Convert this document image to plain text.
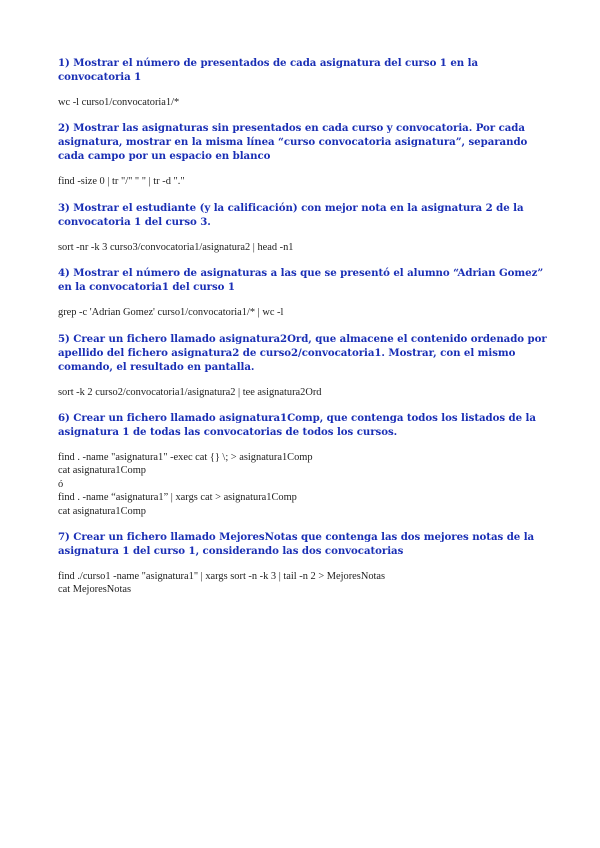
1) Mostrar el número de presentados de cada asignatura del curso 1 en la convocatoria 1

wc -l curso1/convocatoria1/*

2) Mostrar las asignaturas sin presentados en cada curso y convocatoria. Por cada asignatura, mostrar en la misma línea “curso convocatoria asignatura”, separando cada campo por un espacio en blanco

find -size 0 | tr "/" " " | tr -d "."

3) Mostrar el estudiante (y la calificación) con mejor nota en la asignatura 2 de la convocatoria 1 del curso 3.

sort -nr -k 3 curso3/convocatoria1/asignatura2 | head -n1

4) Mostrar el número de asignaturas a las que se presentó el alumno “Adrian Gomez” en la convocatoria1 del curso 1

grep -c 'Adrian Gomez' curso1/convocatoria1/* | wc -l

5) Crear un fichero llamado asignatura2Ord, que almacene el contenido ordenado por apellido del fichero asignatura2 de curso2/convocatoria1. Mostrar, con el mismo comando, el resultado en pantalla.

sort -k 2 curso2/convocatoria1/asignatura2 | tee asignatura2Ord

6) Crear un fichero llamado asignatura1Comp, que contenga todos los listados de la asignatura 1 de todas las convocatorias de todos los cursos.

find . -name "asignatura1" -exec cat {} \; > asignatura1Comp
cat asignatura1Comp
ó
find . -name “asignatura1” | xargs cat > asignatura1Comp
cat asignatura1Comp

7) Crear un fichero llamado MejoresNotas que contenga las dos mejores notas de la asignatura 1 del curso 1, considerando las dos convocatorias

find ./curso1 -name "asignatura1" | xargs sort -n -k 3 | tail -n 2 > MejoresNotas
cat MejoresNotas
